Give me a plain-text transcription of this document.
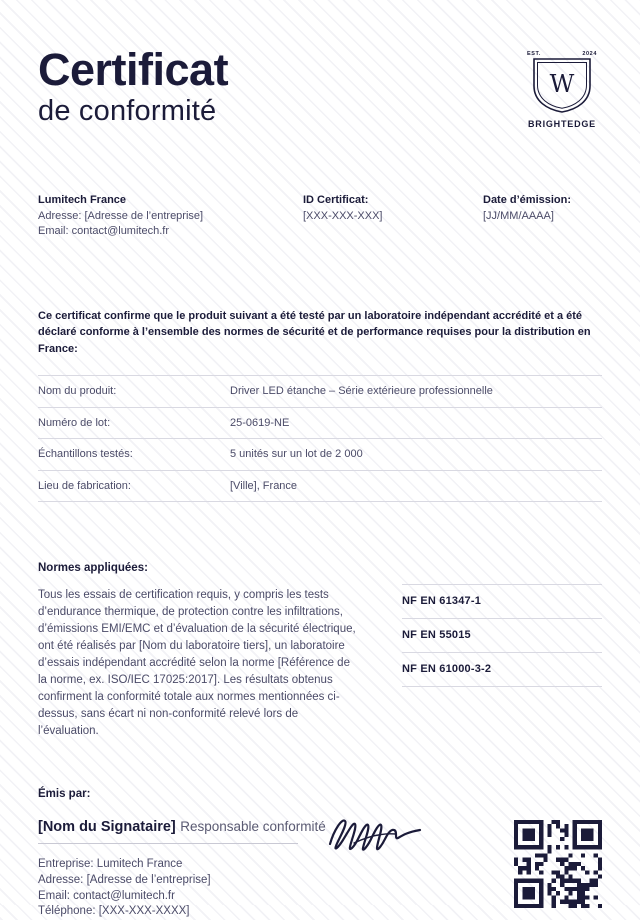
Certificat
de conformité
EST.	2024
W
BRIGHTEDGE
Lumitech France
Adresse: [Adresse de l’entreprise]
Email: contact@lumitech.fr
ID Certificat:
[XXX-XXX-XXX]
Date d’émission:
[JJ/MM/AAAA]

Ce certificat confirme que le produit suivant a été testé par un laboratoire indépendant accrédité et a été déclaré conforme à l’ensemble des normes de sécurité et de performance requises pour la distribution en France:

Nom du produit:	Driver LED étanche – Série extérieure professionnelle
Numéro de lot:	25-0619-NE
Échantillons testés:	5 unités sur un lot de 2 000
Lieu de fabrication:	[Ville], France
Normes appliquées:

Tous les essais de certification requis, y compris les tests d’endurance thermique, de protection contre les infiltrations, d’émissions EMI/EMC et d’évaluation de la sécurité électrique, ont été réalisés par [Nom du laboratoire tiers], un laboratoire d’essais indépendant accrédité selon la norme [Référence de la norme, ex. ISO/IEC 17025:2017]. Les résultats obtenus confirment la conformité totale aux normes mentionnées ci-dessus, sans écart ni non-conformité relevé lors de l’évaluation.

NF EN 61347-1
NF EN 55015
NF EN 61000-3-2
Émis par:
[Nom du Signataire] Responsable conformité
Entreprise: Lumitech France
Adresse: [Adresse de l’entreprise]
Email: contact@lumitech.fr
Téléphone: [XXX-XXX-XXXX]
